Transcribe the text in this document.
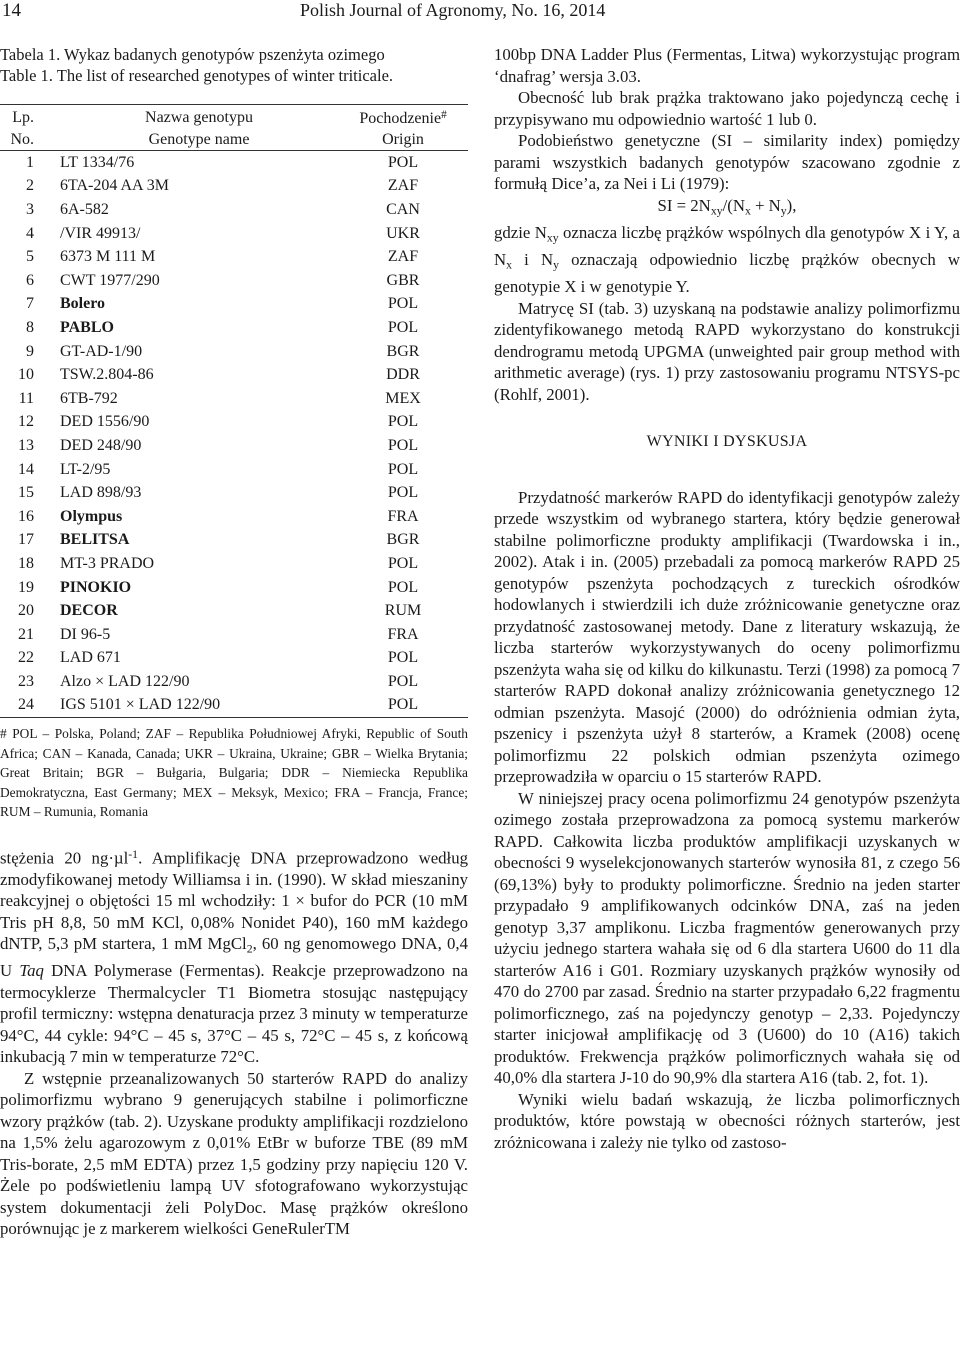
14	Polish Journal of Agronomy, No. 16, 2014
Tabela 1. Wykaz badanych genotypów pszenżyta ozimego
Table 1. The list of researched genotypes of winter triticale.
Lp.	Nazwa genotypu	Pochodzenie#
No.	Genotype name	Origin
1	LT 1334/76	POL
2	6TA-204 AA 3M	ZAF
3	6A-582	CAN
4	/VIR 49913/	UKR
5	6373 M 111 M	ZAF
6	CWT 1977/290	GBR
7	Bolero	POL
8	PABLO	POL
9	GT-AD-1/90	BGR
10	TSW.2.804-86	DDR
11	6TB-792	MEX
12	DED 1556/90	POL
13	DED 248/90	POL
14	LT-2/95	POL
15	LAD 898/93	POL
16	Olympus	FRA
17	BELITSA	BGR
18	MT-3 PRADO	POL
19	PINOKIO	POL
20	DECOR	RUM
21	DI 96-5	FRA
22	LAD 671	POL
23	Alzo × LAD 122/90	POL
24	IGS 5101 × LAD 122/90	POL
# POL – Polska, Poland; ZAF – Republika Południowej Afryki, Republic of South Africa; CAN – Kanada, Canada; UKR – Ukraina, Ukraine; GBR – Wielka Brytania; Great Britain; BGR – Bułgaria, Bulgaria; DDR – Niemiecka Republika Demokratyczna, East Germany; MEX – Meksyk, Mexico; FRA – Francja, France; RUM – Rumunia, Romania

stężenia 20 ng·µl$^{-1}$. Amplifikację DNA przeprowadzono według zmodyfikowanej metody Williamsa i in. (1990). W skład mieszaniny reakcyjnej o objętości 15 ml wchodziły: 1 × bufor do PCR (10 mM Tris pH 8,8, 50 mM KCl, 0,08% Nonidet P40), 160 mM każdego dNTP, 5,3 pM startera, 1 mM MgCl$_2$, 60 ng genomowego DNA, 0,4 U Taq DNA Polymerase (Fermentas). Reakcje przeprowadzono na termocyklerze Thermalcycler T1 Biometra stosując następujący profil termiczny: wstępna denaturacja przez 3 minuty w temperaturze 94°C, 44 cykle: 94°C – 45 s, 37°C – 45 s, 72°C – 45 s, z końcową inkubacją 7 min w temperaturze 72°C.

Z wstępnie przeanalizowanych 50 starterów RAPD do analizy polimorfizmu wybrano 9 generujących stabilne i polimorficzne wzory prążków (tab. 2). Uzyskane produkty amplifikacji rozdzielono na 1,5% żelu agarozowym z 0,01% EtBr w buforze TBE (89 mM Tris-borate, 2,5 mM EDTA) przez 1,5 godziny przy napięciu 120 V. Żele po podświetleniu lampą UV sfotografowano wykorzystując system dokumentacji żeli PolyDoc. Masę prążków określono porównując je z markerem wielkości GeneRulerTM

100bp DNA Ladder Plus (Fermentas, Litwa) wykorzystując program ‘dnafrag’ wersja 3.03.

Obecność lub brak prążka traktowano jako pojedynczą cechę i przypisywano mu odpowiednio wartość 1 lub 0.

Podobieństwo genetyczne (SI – similarity index) pomiędzy parami wszystkich badanych genotypów szacowano zgodnie z formułą Dice’a, za Nei i Li (1979):

SI = $2N_{xy}/(N_x + N_y)$,

gdzie $N_{xy}$ oznacza liczbę prążków wspólnych dla genotypów X i Y, a $N_x$ i $N_y$ oznaczają odpowiednio liczbę prążków obecnych w genotypie X i w genotypie Y.

Matrycę SI (tab. 3) uzyskaną na podstawie analizy polimorfizmu zidentyfikowanego metodą RAPD wykorzystano do konstrukcji dendrogramu metodą UPGMA (unweighted pair group method with arithmetic average) (rys. 1) przy zastosowaniu programu NTSYS-pc (Rohlf, 2001).

WYNIKI I DYSKUSJA

Przydatność markerów RAPD do identyfikacji genotypów zależy przede wszystkim od wybranego startera, który będzie generował stabilne polimorficzne produkty amplifikacji (Twardowska i in., 2002). Atak i in. (2005) przebadali za pomocą markerów RAPD 25 genotypów pszenżyta pochodzących z tureckich ośrodków hodowlanych i stwierdzili ich duże zróżnicowanie genetyczne oraz przydatność zastosowanej metody. Dane z literatury wskazują, że liczba starterów wykorzystywanych do oceny polimorfizmu pszenżyta waha się od kilku do kilkunastu. Terzi (1998) za pomocą 7 starterów RAPD dokonał analizy zróżnicowania genetycznego 12 odmian pszenżyta. Masojć (2000) do odróżnienia odmian żyta, pszenicy i pszenżyta użył 8 starterów, a Kramek (2008) ocenę polimorfizmu 22 polskich odmian pszenżyta ozimego przeprowadziła w oparciu o 15 starterów RAPD.

W niniejszej pracy ocena polimorfizmu 24 genotypów pszenżyta ozimego została przeprowadzona za pomocą systemu markerów RAPD. Całkowita liczba produktów amplifikacji uzyskanych w obecności 9 wyselekcjonowanych starterów wynosiła 81, z czego 56 (69,13%) były to produkty polimorficzne. Średnio na jeden starter przypadało 9 amplifikowanych odcinków DNA, zaś na jeden genotyp 3,37 amplikonu. Liczba fragmentów generowanych przy użyciu jednego startera wahała się od 6 dla startera U600 do 11 dla starterów A16 i G01. Rozmiary uzyskanych prążków wynosiły od 470 do 2700 par zasad. Średnio na starter przypadało 6,22 fragmentu polimorficznego, zaś na pojedynczy genotyp – 2,33. Pojedynczy starter inicjował amplifikację od 3 (U600) do 10 (A16) takich produktów. Frekwencja prążków polimorficznych wahała się od 40,0% dla startera J-10 do 90,9% dla startera A16 (tab. 2, fot. 1).

Wyniki wielu badań wskazują, że liczba polimorficznych produktów, które powstają w obecności różnych starterów, jest zróżnicowana i zależy nie tylko od zastoso-
